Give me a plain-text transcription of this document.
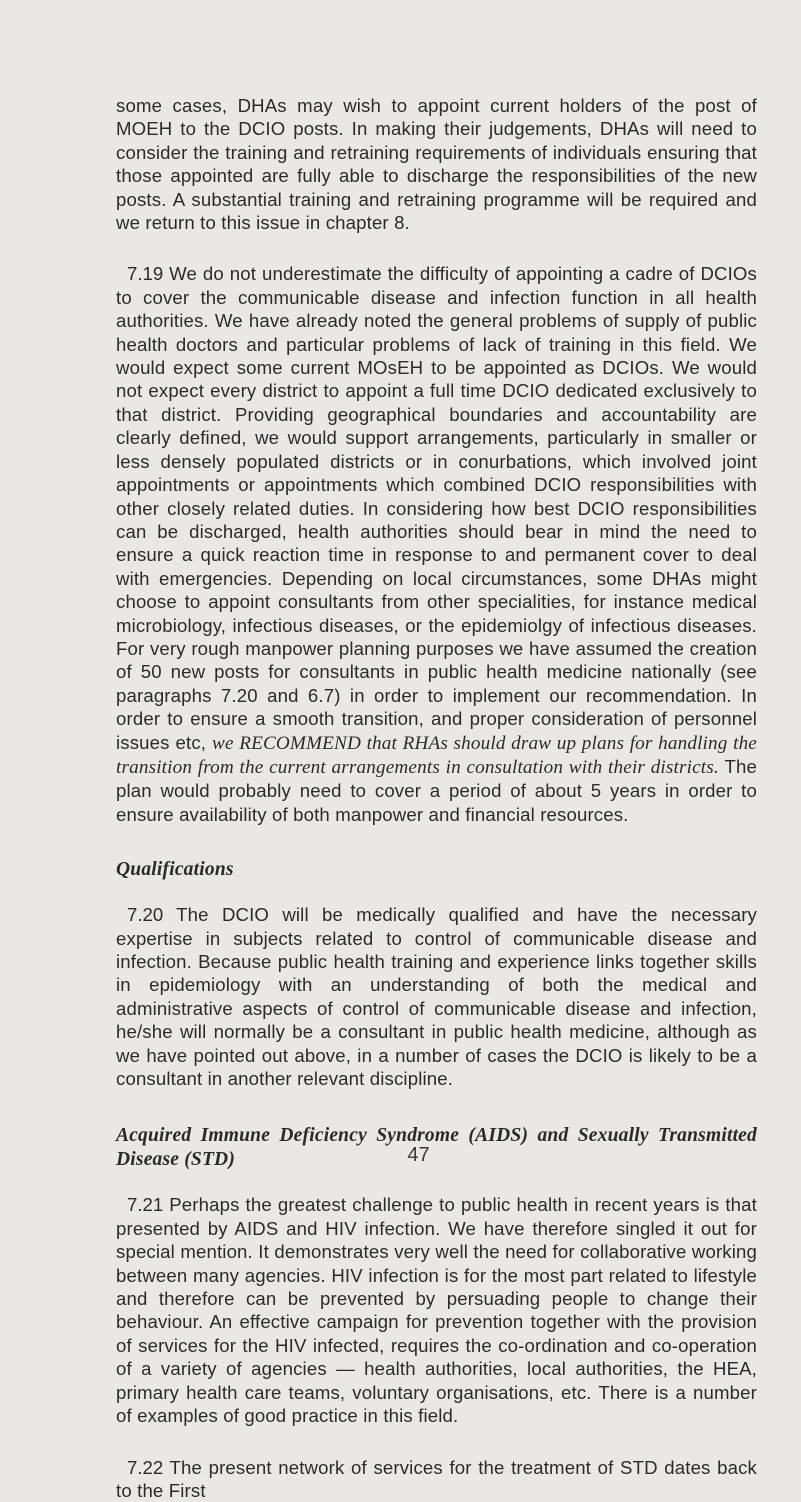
some cases, DHAs may wish to appoint current holders of the post of MOEH to the DCIO posts. In making their judgements, DHAs will need to consider the training and retraining requirements of individuals ensuring that those appointed are fully able to discharge the responsibilities of the new posts. A substantial training and retraining programme will be required and we return to this issue in chapter 8.

7.19 We do not underestimate the difficulty of appointing a cadre of DCIOs to cover the communicable disease and infection function in all health authorities. We have already noted the general problems of supply of public health doctors and particular problems of lack of training in this field. We would expect some current MOsEH to be appointed as DCIOs. We would not expect every district to appoint a full time DCIO dedicated exclusively to that district. Providing geographical boundaries and accountability are clearly defined, we would support arrangements, particularly in smaller or less densely populated districts or in conurbations, which involved joint appointments or appointments which combined DCIO responsibilities with other closely related duties. In considering how best DCIO responsibilities can be discharged, health authorities should bear in mind the need to ensure a quick reaction time in response to and permanent cover to deal with emergencies. Depending on local circumstances, some DHAs might choose to appoint consultants from other specialities, for instance medical microbiology, infectious diseases, or the epidemiolgy of infectious diseases. For very rough manpower planning purposes we have assumed the creation of 50 new posts for consultants in public health medicine nationally (see paragraphs 7.20 and 6.7) in order to implement our recommendation. In order to ensure a smooth transition, and proper consideration of personnel issues etc, we RECOMMEND that RHAs should draw up plans for handling the transition from the current arrangements in consultation with their districts. The plan would probably need to cover a period of about 5 years in order to ensure availability of both manpower and financial resources.

Qualifications

7.20 The DCIO will be medically qualified and have the necessary expertise in subjects related to control of communicable disease and infection. Because public health training and experience links together skills in epidemiology with an understanding of both the medical and administrative aspects of control of communicable disease and infection, he/she will normally be a consultant in public health medicine, although as we have pointed out above, in a number of cases the DCIO is likely to be a consultant in another relevant discipline.

Acquired Immune Deficiency Syndrome (AIDS) and Sexually Transmitted Disease (STD)

7.21 Perhaps the greatest challenge to public health in recent years is that presented by AIDS and HIV infection. We have therefore singled it out for special mention. It demonstrates very well the need for collaborative working between many agencies. HIV infection is for the most part related to lifestyle and therefore can be prevented by persuading people to change their behaviour. An effective campaign for prevention together with the provision of services for the HIV infected, requires the co-ordination and co-operation of a variety of agencies — health authorities, local authorities, the HEA, primary health care teams, voluntary organisations, etc. There is a number of examples of good practice in this field.

7.22 The present network of services for the treatment of STD dates back to the First

47
